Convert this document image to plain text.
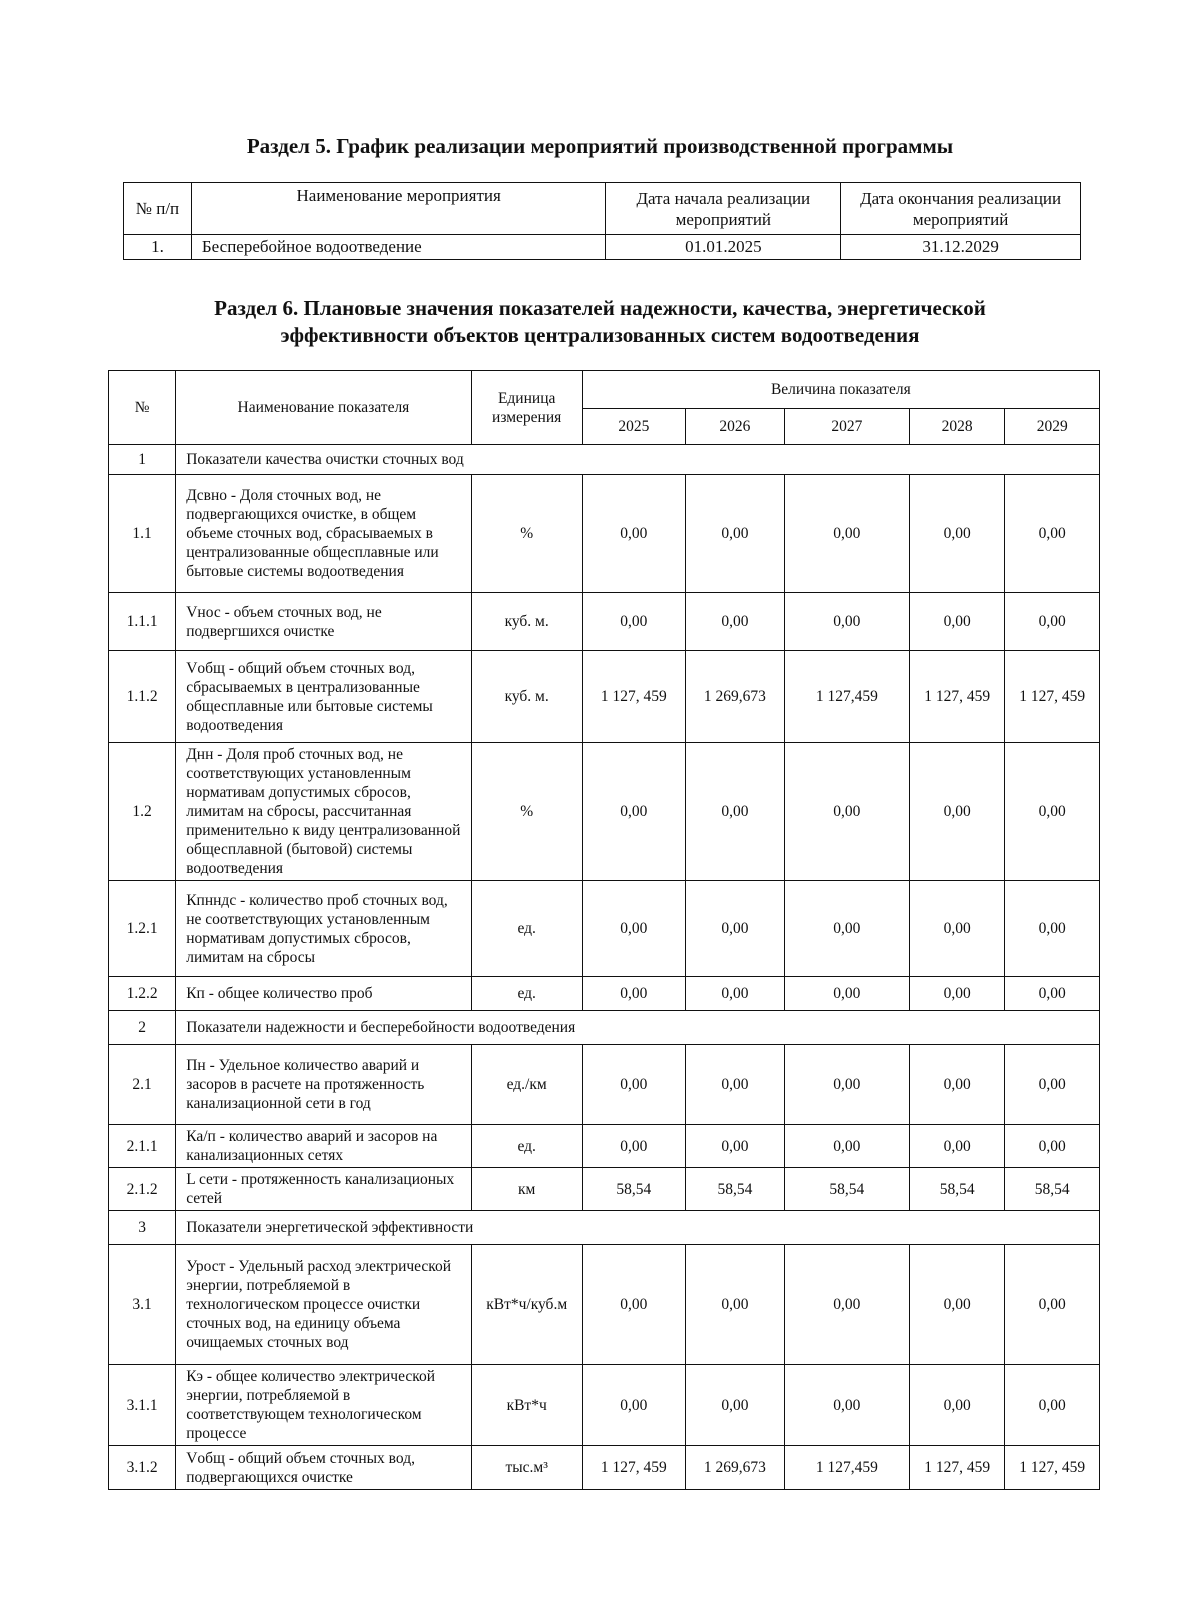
Раздел 5. График реализации мероприятий производственной программы
№ п/п	Наименование мероприятия	Дата начала реализации мероприятий	Дата окончания реализации мероприятий
1.	Бесперебойное водоотведение	01.01.2025	31.12.2029
Раздел 6. Плановые значения показателей надежности, качества, энергетической
эффективности объектов централизованных систем водоотведения
№	Наименование показателя	Единица измерения	Величина показателя				
			2025	2026	2027	2028	2029
1	Показатели качества очистки сточных вод						
1.1	Дсвно - Доля сточных вод, не подвергающихся очистке, в общем объеме сточных вод, сбрасываемых в централизованные общесплавные или бытовые системы водоотведения	%	0,00	0,00	0,00	0,00	0,00
1.1.1	Vнос - объем сточных вод, не подвергшихся очистке	куб. м.	0,00	0,00	0,00	0,00	0,00
1.1.2	Vобщ - общий объем сточных вод, сбрасываемых в централизованные общесплавные или бытовые системы водоотведения	куб. м.	1 127, 459	1 269,673	1 127,459	1 127, 459	1 127, 459
1.2	Днн - Доля проб сточных вод, не соответствующих установленным нормативам допустимых сбросов, лимитам на сбросы, рассчитанная применительно к виду централизованной общесплавной (бытовой) системы водоотведения	%	0,00	0,00	0,00	0,00	0,00
1.2.1	Кпнндс - количество проб сточных вод, не соответствующих установленным нормативам допустимых сбросов, лимитам на сбросы	ед.	0,00	0,00	0,00	0,00	0,00
1.2.2	Кп - общее количество проб	ед.	0,00	0,00	0,00	0,00	0,00
2	Показатели надежности и бесперебойности водоотведения						
2.1	Пн - Удельное количество аварий и засоров в расчете на протяженность канализационной сети в год	ед./км	0,00	0,00	0,00	0,00	0,00
2.1.1	Ка/п - количество аварий и засоров на канализационных сетях	ед.	0,00	0,00	0,00	0,00	0,00
2.1.2	L сети - протяженность канализационых сетей	км	58,54	58,54	58,54	58,54	58,54
3	Показатели энергетической эффективности						
3.1	Урост - Удельный расход электрической энергии, потребляемой в технологическом процессе очистки сточных вод, на единицу объема очищаемых сточных вод	кВт*ч/куб.м	0,00	0,00	0,00	0,00	0,00
3.1.1	Кэ - общее количество электрической энергии, потребляемой в соответствующем технологическом процессе	кВт*ч	0,00	0,00	0,00	0,00	0,00
3.1.2	Vобщ - общий объем сточных вод, подвергающихся очистке	тыс.м³	1 127, 459	1 269,673	1 127,459	1 127, 459	1 127, 459
